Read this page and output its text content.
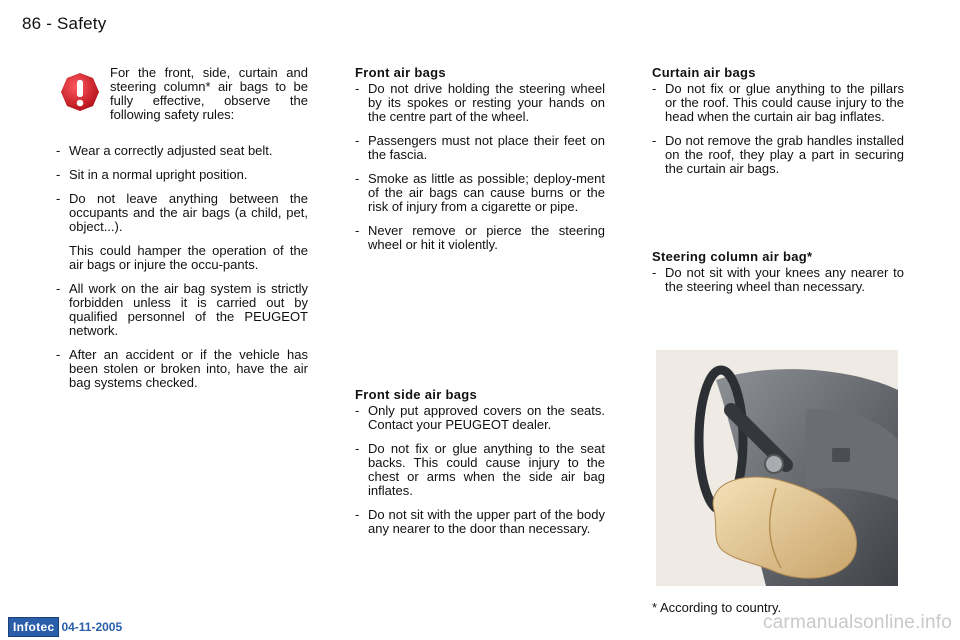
86 - Safety
For the front, side, curtain and steering column* air bags to be fully effective, observe the following safety rules:
- Wear a correctly adjusted seat belt.
- Sit in a normal upright position.
- Do not leave anything between the occupants and the air bags (a child, pet, object...).
This could hamper the operation of the air bags or injure the occu-pants.
- All work on the air bag system is strictly forbidden unless it is carried out by qualified personnel of the PEUGEOT network.
- After an accident or if the vehicle has been stolen or broken into, have the air bag systems checked.
Front air bags
- Do not drive holding the steering wheel by its spokes or resting your hands on the centre part of the wheel.
- Passengers must not place their feet on the fascia.
- Smoke as little as possible; deploy-ment of the air bags can cause burns or the risk of injury from a cigarette or pipe.
- Never remove or pierce the steering wheel or hit it violently.
Front side air bags
- Only put approved covers on the seats. Contact your PEUGEOT dealer.
- Do not fix or glue anything to the seat backs. This could cause injury to the chest or arms when the side air bag inflates.
- Do not sit with the upper part of the body any nearer to the door than necessary.
Curtain air bags
- Do not fix or glue anything to the pillars or the roof. This could cause injury to the head when the curtain air bag inflates.
- Do not remove the grab handles installed on the roof, they play a part in securing the curtain air bags.
Steering column air bag*
- Do not sit with your knees any nearer to the steering wheel than necessary.
* According to country.
Infotec 04-11-2005	carmanualsonline.info
